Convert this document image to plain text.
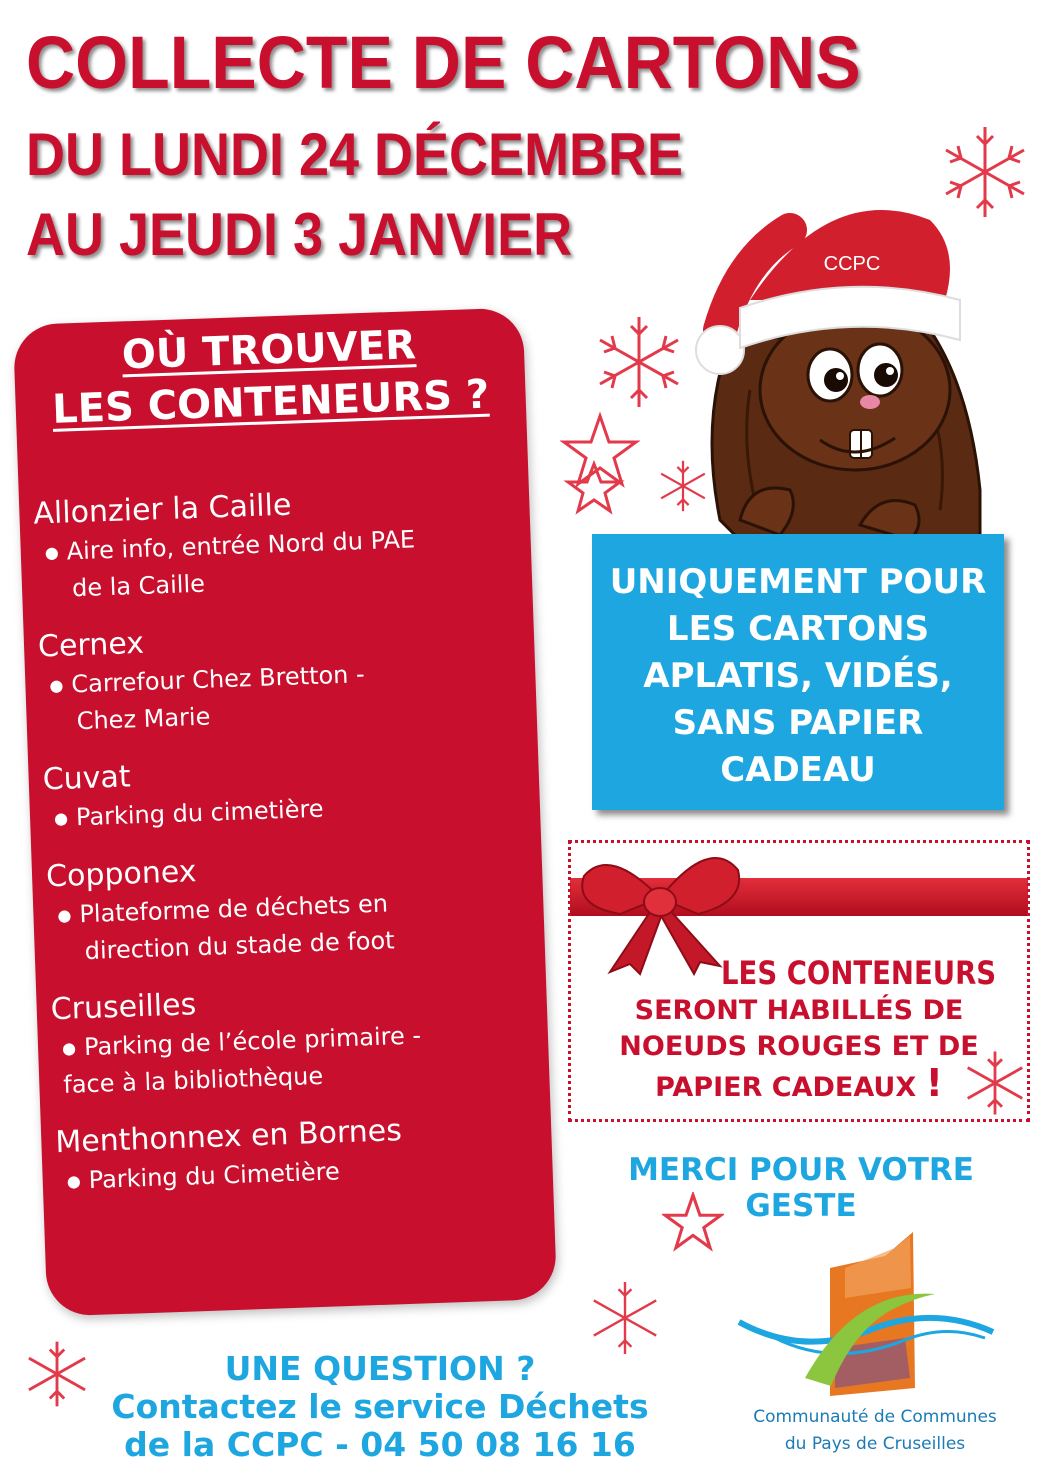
COLLECTE DE CARTONS
DU LUNDI 24 DÉCEMBRE
AU JEUDI 3 JANVIER	CCPC
OÙ TROUVER
LES CONTENEURS ?
Allonzier la Caille
● Aire info, entrée Nord du PAE
de la Caille
Cernex
● Carrefour Chez Bretton -
Chez Marie
Cuvat
● Parking du cimetière
Copponex
● Plateforme de déchets en
direction du stade de foot
Cruseilles
● Parking de l’école primaire -
face à la bibliothèque
Menthonnex en Bornes
● Parking du Cimetière
UNIQUEMENT POUR
LES CARTONS
APLATIS, VIDÉS,
SANS PAPIER
CADEAU
LES CONTENEURS
SERONT HABILLÉS DE
NOEUDS ROUGES ET DE
PAPIER CADEAUX !
MERCI POUR VOTRE GESTE
UNE QUESTION ?
Contactez le service Déchets
de la CCPC - 04 50 08 16 16
Communauté de Communes
du Pays de Cruseilles
